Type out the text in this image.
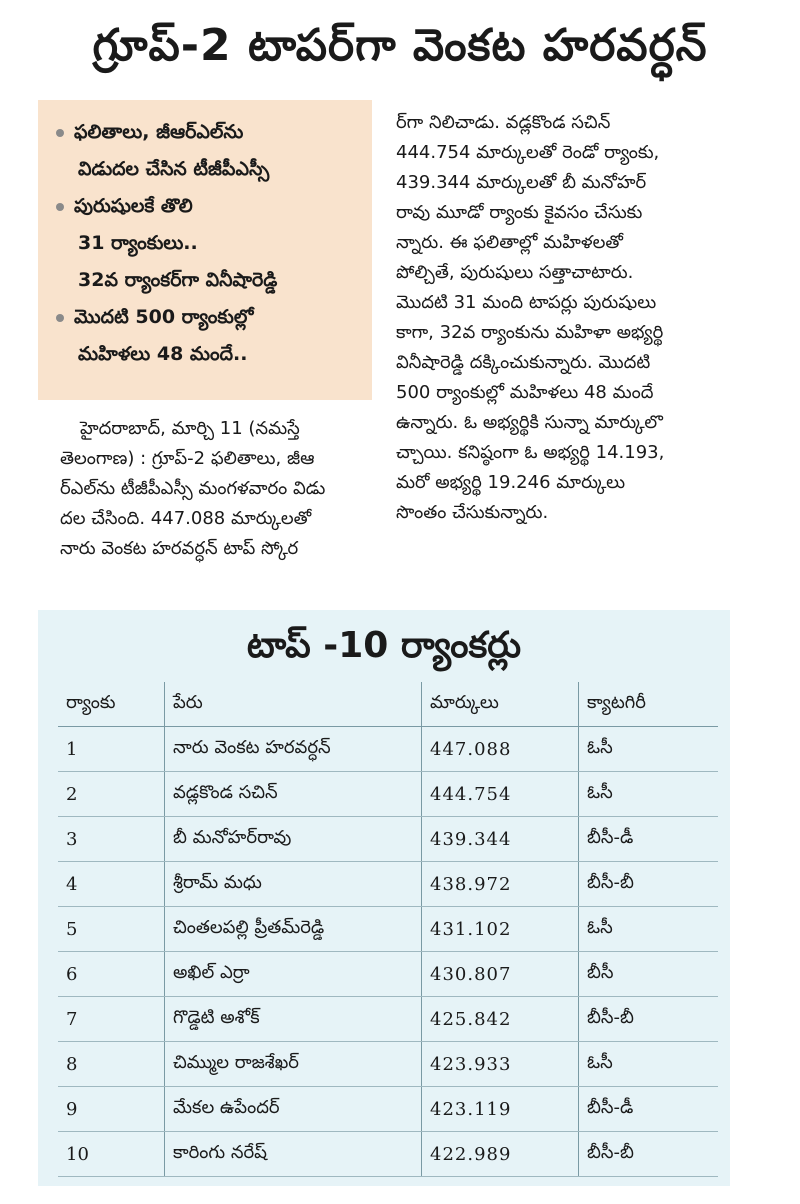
గ్రూప్‌-2 టాపర్‌గా వెంకట హరవర్ధన్‌
ఫలితాలు, జీఆర్‌ఎల్‌ను
విడుదల చేసిన టీజీపీఎస్సీ
పురుషులకే తొలి
31 ర్యాంకులు..
32వ ర్యాంకర్‌గా వినీషారెడ్డి
మొదటి 500 ర్యాంకుల్లో
మహిళలు 48 మందే..
హైదరాబాద్‌, మార్చి 11 (నమస్తే
తెలంగాణ) : గ్రూప్‌-2 ఫలితాలు, జీఆ
ర్‌ఎల్‌ను టీజీపీఎస్సీ మంగళవారం విడు
దల చేసింది. 447.088 మార్కులతో
నారు వెంకట హరవర్ధన్‌ టాప్‌ స్కోర
ర్‌గా నిలిచాడు. వడ్లకొండ సచిన్‌
444.754 మార్కులతో రెండో ర్యాంకు,
439.344 మార్కులతో బీ మనోహర్‌
రావు మూడో ర్యాంకు కైవసం చేసుకు
న్నారు. ఈ ఫలితాల్లో మహిళలతో
పోల్చితే, పురుషులు సత్తాచాటారు.
మొదటి 31 మంది టాపర్లు పురుషులు
కాగా, 32వ ర్యాంకును మహిళా అభ్యర్థి
వినీషారెడ్డి దక్కించుకున్నారు. మొదటి
500 ర్యాంకుల్లో మహిళలు 48 మందే
ఉన్నారు. ఓ అభ్యర్థికి సున్నా మార్కులొ
చ్చాయి. కనిష్ఠంగా ఓ అభ్యర్థి 14.193,
మరో అభ్యర్థి 19.246 మార్కులు
సొంతం చేసుకున్నారు.
టాప్‌ -10 ర్యాంకర్లు
ర్యాంకు	పేరు	మార్కులు	క్యాటగిరీ
1	నారు వెంకట హరవర్ధన్‌	447.088	ఓసీ
2	వడ్లకొండ సచిన్‌	444.754	ఓసీ
3	బీ మనోహర్‌రావు	439.344	బీసీ-డీ
4	శ్రీరామ్‌ మధు	438.972	బీసీ-బీ
5	చింతలపల్లి ప్రీతమ్‌రెడ్డి	431.102	ఓసీ
6	అఖిల్‌ ఎర్రా	430.807	బీసీ
7	గొడ్డెటి అశోక్‌	425.842	బీసీ-బీ
8	చిమ్ముల రాజశేఖర్‌	423.933	ఓసీ
9	మేకల ఉపేందర్‌	423.119	బీసీ-డీ
10	కారింగు నరేష్‌	422.989	బీసీ-బీ
